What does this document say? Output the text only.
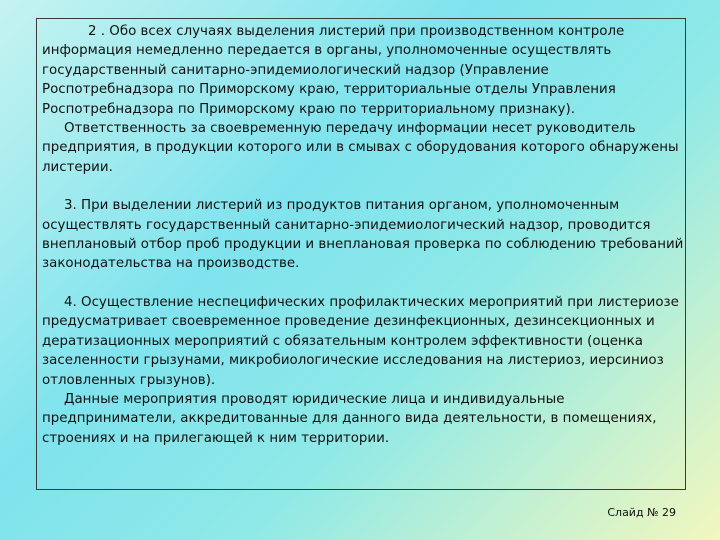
2 . Обо всех случаях выделения листерий при производственном контроле информация немедленно передается в органы, уполномоченные осуществлять государственный санитарно-эпидемиологический надзор (Управление Роспотребнадзора по Приморскому краю, территориальные отделы Управления Роспотребнадзора по Приморскому краю по территориальному признаку).

Ответственность за своевременную передачу информации несет руководитель предприятия, в продукции которого или в смывах с оборудования которого обнаружены листерии.

3. При выделении листерий из продуктов питания органом, уполномоченным осуществлять государственный санитарно-эпидемиологический надзор, проводится внеплановый отбор проб продукции и внеплановая проверка по соблюдению требований законодательства на производстве.

4. Осуществление неспецифических профилактических мероприятий при листериозе предусматривает своевременное проведение дезинфекционных, дезинсекционных и дератизационных мероприятий с обязательным контролем эффективности (оценка заселенности грызунами, микробиологические исследования на листериоз, иерсиниоз отловленных грызунов).

Данные мероприятия проводят юридические лица и индивидуальные предприниматели, аккредитованные для данного вида деятельности, в помещениях, строениях и на прилегающей к ним территории.

Слайд № 29
